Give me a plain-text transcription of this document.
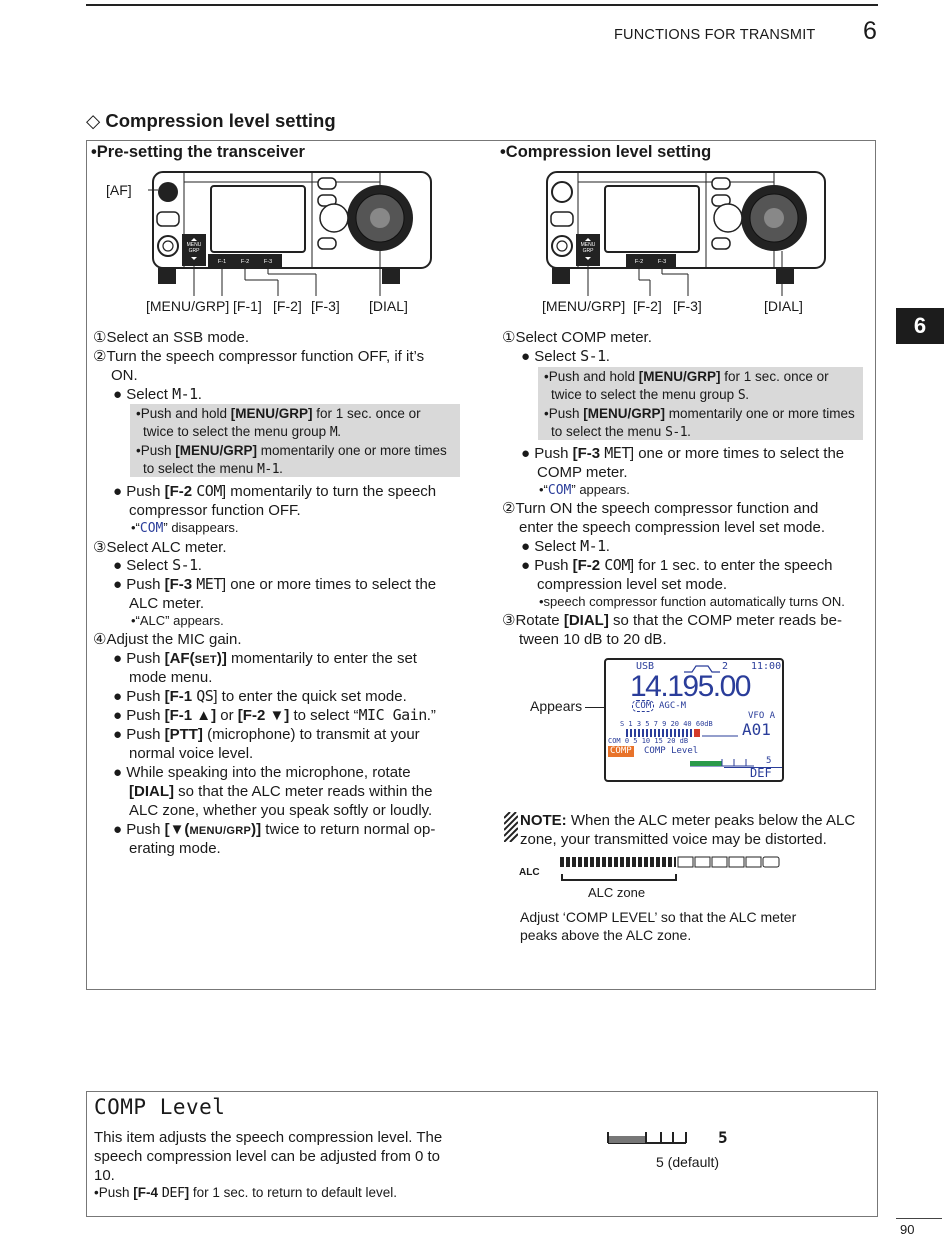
FUNCTIONS FOR TRANSMIT 6
6
◇ Compression level setting
•Pre-setting the transceiver
MENU
GRP
F-1	F-2	F-3
[AF]
[MENU/GRP] [F-1] [F-2] [F-3] [DIAL]
①Select an SSB mode.
②Turn the speech compressor function OFF, if it’s
ON.
● Select M-1.
•Push and hold [MENU/GRP] for 1 sec. once or
twice to select the menu group M.
•Push [MENU/GRP] momentarily one or more times
to select the menu M-1.
● Push [F-2 COM] momentarily to turn the speech
compressor function OFF.
•“COM” disappears.
③Select ALC meter.
● Select S-1.
● Push [F-3 MET] one or more times to select the
ALC meter.
•“ALC” appears.
④Adjust the MIC gain.
● Push [AF(SET)] momentarily to enter the set
mode menu.
● Push [F-1 QS] to enter the quick set mode.
● Push [F-1 ▲] or [F-2 ▼] to select “MIC Gain.”
● Push [PTT] (microphone) to transmit at your
normal voice level.
● While speaking into the microphone, rotate
[DIAL] so that the ALC meter reads within the
ALC zone, whether you speak softly or loudly.
● Push [▼(MENU/GRP)] twice to return normal op-
erating mode.
•Compression level setting
MENU
GRP
F-2	F-3
[MENU/GRP] [F-2] [F-3]	[DIAL]
①Select COMP meter.
● Select S-1.
•Push and hold [MENU/GRP] for 1 sec. once or
twice to select the menu group S.
•Push [MENU/GRP] momentarily one or more times
to select the menu S-1.
● Push [F-3 MET] one or more times to select the
COMP meter.
•“COM” appears.
②Turn ON the speech compressor function and
enter the speech compression level set mode.
● Select M-1.
● Push [F-2 COM] for 1 sec. to enter the speech
compression level set mode.
•speech compressor function automatically turns ON.
③Rotate [DIAL] so that the COMP meter reads be-
tween 10 dB to 20 dB.
Appears
USB	2 11:00
14.195.00
COM AGC-M
VFO A
A01
S 1 3 5 7 9 20 40 60dB
COM 0 5 10 15 20 dB
COMP COMP Level
5
DEF
NOTE: When the ALC meter peaks below the ALC
zone, your transmitted voice may be distorted.
ALC
ALC zone
Adjust ‘COMP LEVEL’ so that the ALC meter
peaks above the ALC zone.
COMP Level
This item adjusts the speech compression level. The
speech compression level can be adjusted from 0 to
10.
•Push [F-4 DEF] for 1 sec. to return to default level.
5
5 (default)
90
